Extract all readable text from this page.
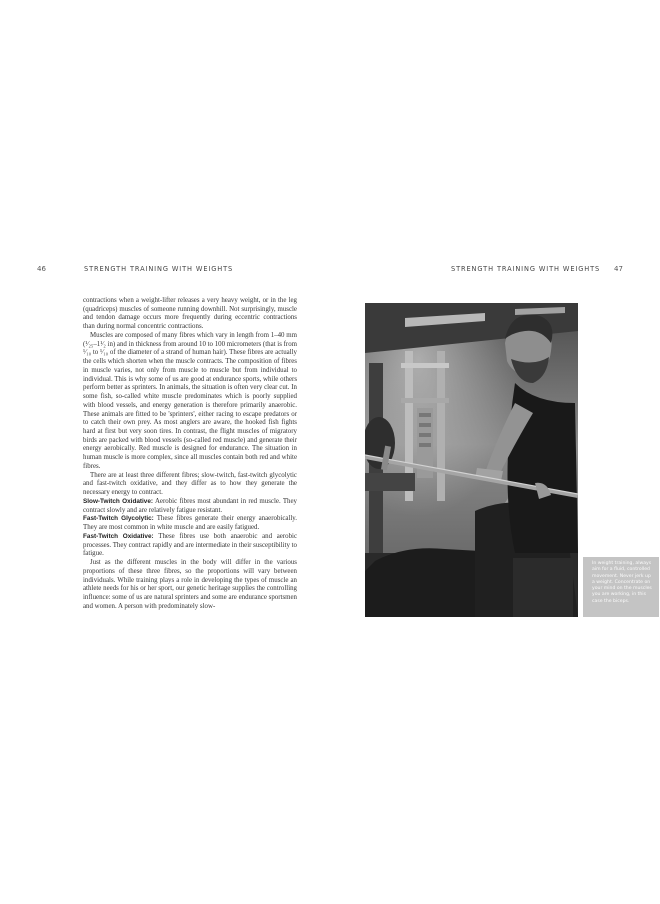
46	STRENGTH TRAINING WITH WEIGHTS	STRENGTH TRAINING WITH WEIGHTS 47

contractions when a weight-lifter releases a very heavy weight, or in the leg (quadriceps) muscles of someone running downhill. Not surprisingly, muscle and tendon damage occurs more frequently during eccentric contractions than during normal concentric contractions.

Muscles are composed of many fibres which vary in length from 1–40 mm (¹⁄₂₅–1¹⁄₂ in) and in thickness from around 10 to 100 micrometers (that is from ¹⁄₁₀ to ¹⁄₁₀ of the diameter of a strand of human hair). These fibres are actually the cells which shorten when the muscle contracts. The composition of fibres in muscle varies, not only from muscle to muscle but from individual to individual. This is why some of us are good at endurance sports, while others perform better as sprinters. In animals, the situation is often very clear cut. In some fish, so-called white muscle predominates which is poorly supplied with blood vessels, and energy generation is therefore primarily anaerobic. These animals are fitted to be 'sprinters', either racing to escape predators or to catch their own prey. As most anglers are aware, the hooked fish fights hard at first but very soon tires. In contrast, the flight muscles of migratory birds are packed with blood vessels (so-called red muscle) and generate their energy aerobically. Red muscle is designed for endurance. The situation in human muscle is more complex, since all muscles contain both red and white fibres.

There are at least three different fibres; slow-twitch, fast-twitch glycolytic and fast-twitch oxidative, and they differ as to how they generate the necessary energy to contract.

Slow-Twitch Oxidative: Aerobic fibres most abundant in red muscle. They contract slowly and are relatively fatigue resistant.

Fast-Twitch Glycolytic: These fibres generate their energy anaerobically. They are most common in white muscle and are easily fatigued.

Fast-Twitch Oxidative: These fibres use both anaerobic and aerobic processes. They contract rapidly and are intermediate in their susceptibility to fatigue.

Just as the different muscles in the body will differ in the various proportions of these three fibres, so the proportions will vary between individuals. While training plays a role in developing the types of muscle an athlete needs for his or her sport, our genetic heritage supplies the controlling influence: some of us are natural sprinters and some are endurance sportsmen and women. A person with predominately slow-

In weight training, always aim for a fluid, controlled movement. Never jerk up a weight. Concentrate on your mind on the muscles you are working, in this case the biceps.
